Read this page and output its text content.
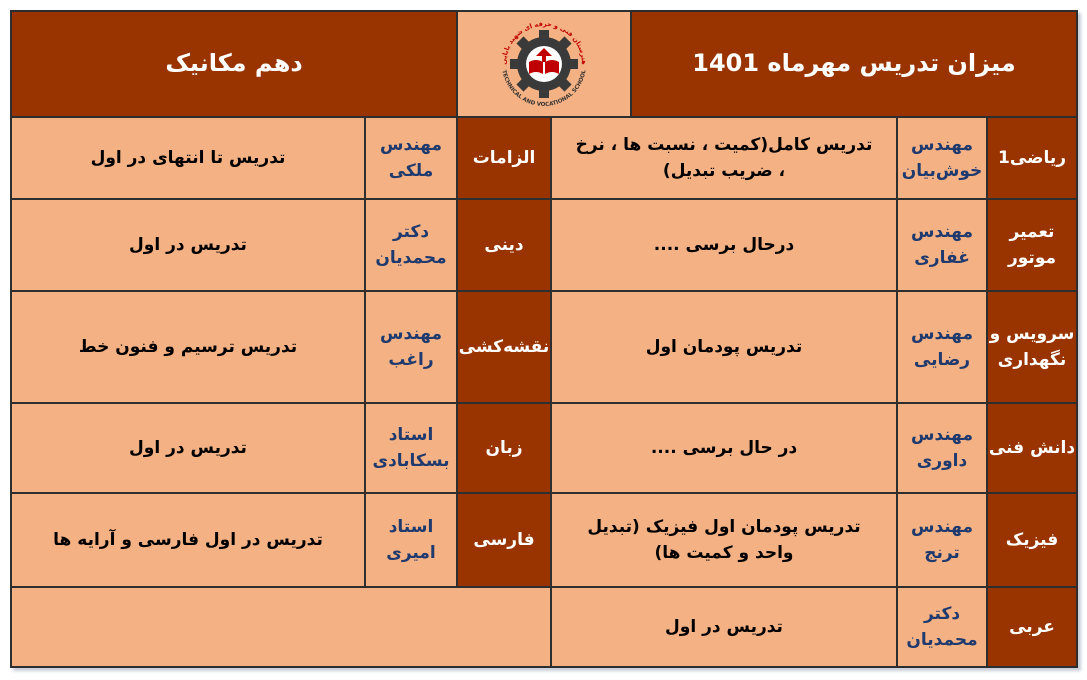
دهم مکانیک	هنرستان فنی و حرفه ای شهید بابایی
TECHNICAL AND VOCATIONAL SCHOOL	میزان تدریس مهرماه 1401
ریاضی1
مهندس
خوش‌بیان
تدریس کامل(کمیت ، نسبت ها ، نرخ ، ضریب تبدیل)
الزامات
مهندس
ملکی
تدریس تا انتهای در اول
تعمیر موتور
مهندس
غفاری
درحال برسی ....
دینی
دکتر
محمدیان
تدریس در اول
سرویس و نگهداری
مهندس
رضایی
تدریس پودمان اول
نقشه‌کشی
مهندس
راغب
تدریس ترسیم و فنون خط
دانش فنی
مهندس
داوری
در حال برسی ....
زبان
استاد
بسکابادی
تدریس در اول
فیزیک
مهندس
ترنج
تدریس پودمان اول فیزیک (تبدیل واحد و کمیت ها)
فارسی
استاد
امیری
تدریس در اول فارسی و آرایه ها
عربی
دکتر
محمدیان
تدریس در اول
